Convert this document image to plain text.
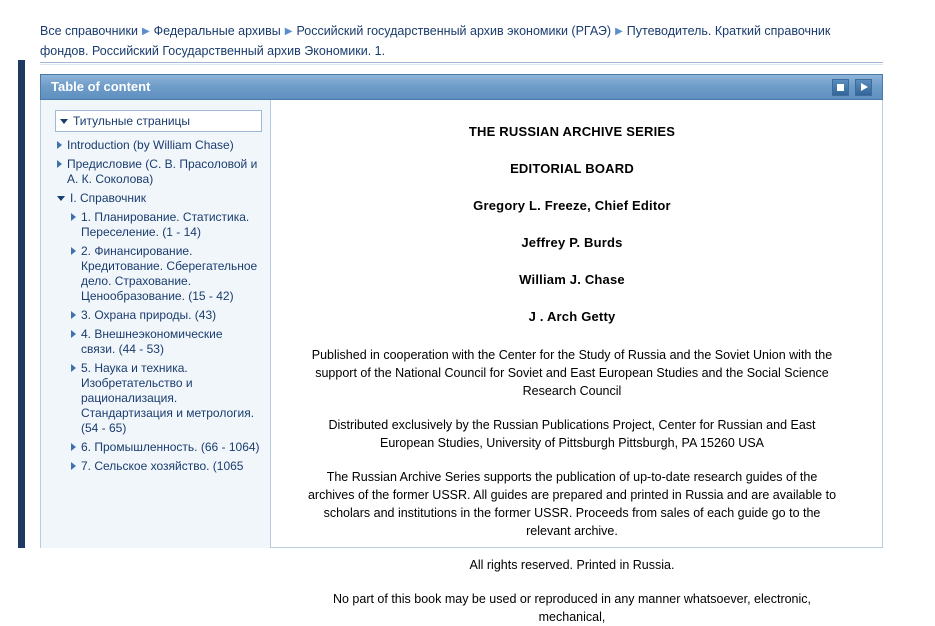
Все справочники ▶ Федеральные архивы ▶ Российский государственный архив экономики (РГАЭ) ▶ Путеводитель. Краткий справочник фондов. Российский Государственный архив Экономики. 1.
Table of content
Титульные страницы
Introduction (by William Chase)
Предисловие (С. В. Прасоловой и А. К. Соколова)
I. Справочник
1. Планирование. Статистика. Переселение. (1 - 14)
2. Финансирование. Кредитование. Сберегательное дело. Страхование. Ценообразование. (15 - 42)
3. Охрана природы. (43)
4. Внешнеэкономические связи. (44 - 53)
5. Наука и техника. Изобретательство и рационализация. Стандартизация и метрология. (54 - 65)
6. Промышленность. (66 - 1064)
7. Сельское хозяйство. (1065
THE RUSSIAN ARCHIVE SERIES
EDITORIAL BOARD
Gregory L. Freeze, Chief Editor
Jeffrey P. Burds
William J. Chase
J . Arch Getty
Published in cooperation with the Center for the Study of Russia and the Soviet Union with the support of the National Council for Soviet and East European Studies and the Social Science Research Council
Distributed exclusively by the Russian Publications Project, Center for Russian and East European Studies, University of Pittsburgh Pittsburgh, PA 15260 USA
The Russian Archive Series supports the publication of up-to-date research guides of the archives of the former USSR. All guides are prepared and printed in Russia and are available to scholars and institutions in the former USSR. Proceeds from sales of each guide go to the relevant archive.
All rights reserved. Printed in Russia.
No part of this book may be used or reproduced in any manner whatsoever, electronic, mechanical,
